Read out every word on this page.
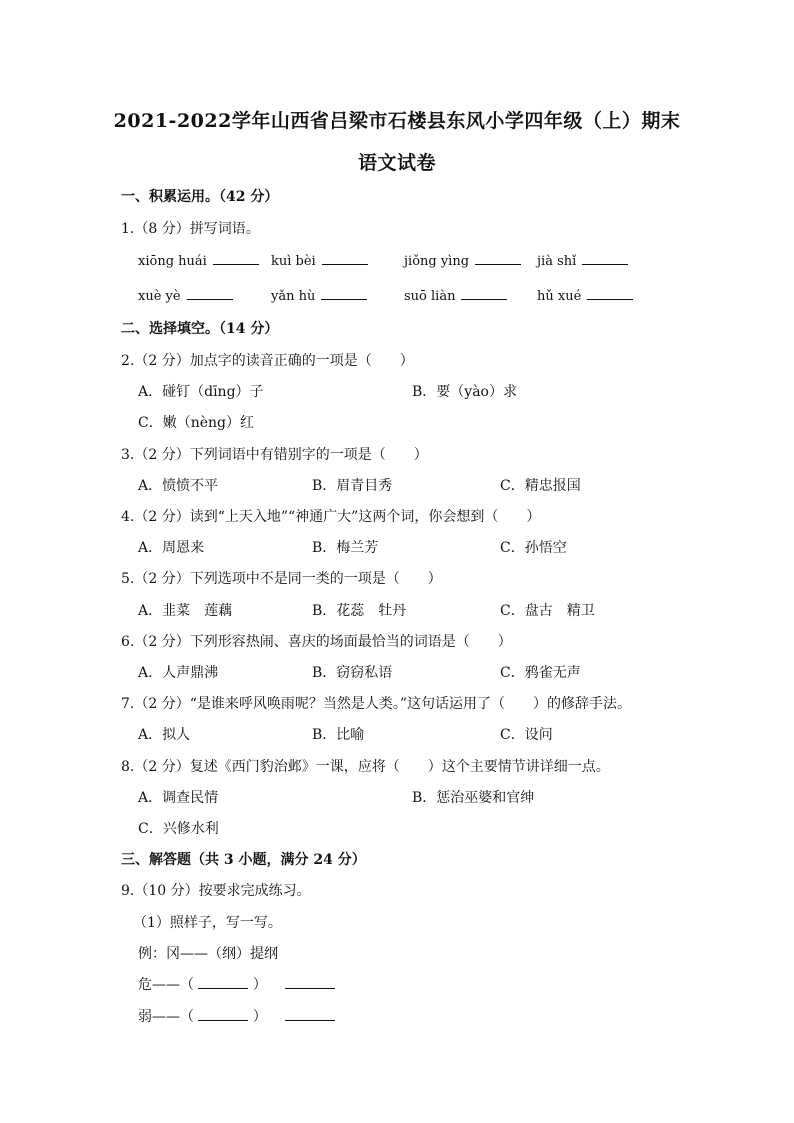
2021-2022学年山西省吕梁市石楼县东风小学四年级（上）期末
语文试卷
一、积累运用。（42 分）
1.（8 分）拼写词语。
xiōng huái	kuì bèi	jiǒng yìng	jià shǐ
xuè yè	yǎn hù	suō liàn	hǔ xué
二、选择填空。（14 分）
2.（2 分）加点字的读音正确的一项是（　　）
A．碰钉（dīng）子	B．要（yào）求
C．嫩（nèng）红
3.（2 分）下列词语中有错别字的一项是（　　）
A．愤愤不平	B．眉青目秀	C．精忠报国
4.（2 分）读到“上天入地”“神通广大”这两个词，你会想到（　　）
A．周恩来	B．梅兰芳	C．孙悟空
5.（2 分）下列选项中不是同一类的一项是（　　）
A．韭菜　莲藕	B．花蕊　牡丹	C．盘古　精卫
6.（2 分）下列形容热闹、喜庆的场面最恰当的词语是（　　）
A．人声鼎沸	B．窃窃私语	C．鸦雀无声
7.（2 分）“是谁来呼风唤雨呢？当然是人类。”这句话运用了（　　）的修辞手法。
A．拟人	B．比喻	C．设问
8.（2 分）复述《西门豹治邺》一课，应将（　　）这个主要情节讲详细一点。
A．调查民情	B．惩治巫婆和官绅
C．兴修水利
三、解答题（共 3 小题，满分 24 分）
9.（10 分）按要求完成练习。
（1）照样子，写一写。
例：冈——（纲）提纲
危——（	）
弱——（	）
